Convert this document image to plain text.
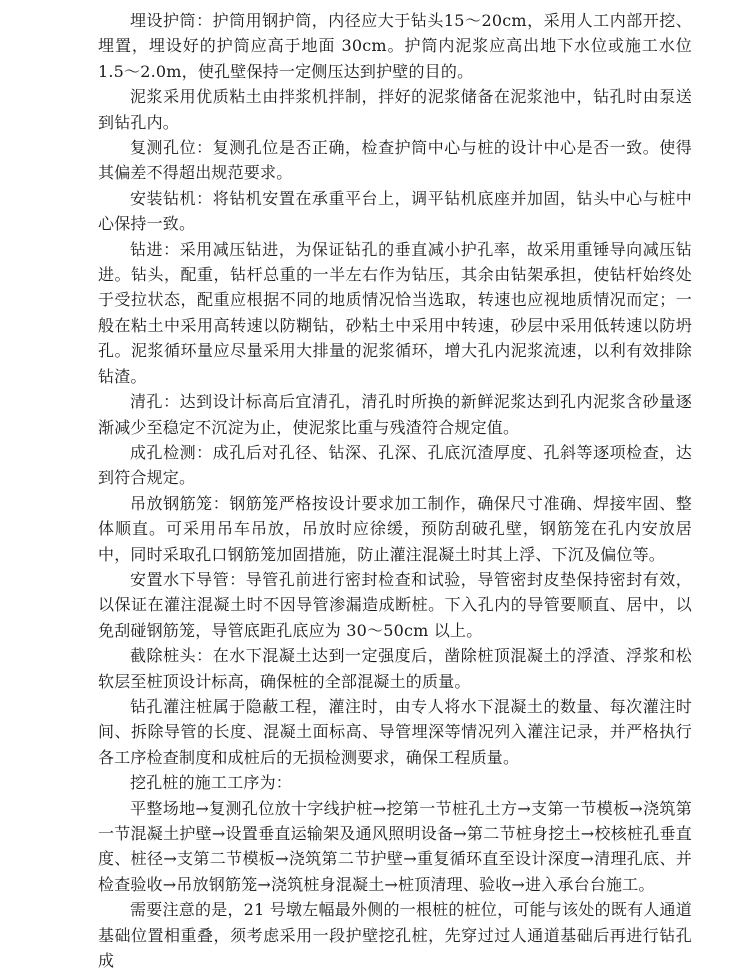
埋设护筒：护筒用钢护筒，内径应大于钻头15～20cm，采用人工内部开挖、埋置，埋设好的护筒应高于地面 30cm。护筒内泥浆应高出地下水位或施工水位 1.5～2.0m，使孔壁保持一定侧压达到护壁的目的。

泥浆采用优质粘土由拌浆机拌制，拌好的泥浆储备在泥浆池中，钻孔时由泵送到钻孔内。

复测孔位：复测孔位是否正确，检查护筒中心与桩的设计中心是否一致。使得其偏差不得超出规范要求。

安装钻机：将钻机安置在承重平台上，调平钻机底座并加固，钻头中心与桩中心保持一致。

钻进：采用减压钻进，为保证钻孔的垂直减小护孔率，故采用重锤导向减压钻进。钻头，配重，钻杆总重的一半左右作为钻压，其余由钻架承担，使钻杆始终处于受拉状态，配重应根据不同的地质情况恰当选取，转速也应视地质情况而定；一般在粘土中采用高转速以防糊钻，砂粘土中采用中转速，砂层中采用低转速以防坍孔。泥浆循环量应尽量采用大排量的泥浆循环，增大孔内泥浆流速，以利有效排除钻渣。

清孔：达到设计标高后宜清孔，清孔时所换的新鲜泥浆达到孔内泥浆含砂量逐渐减少至稳定不沉淀为止，使泥浆比重与残渣符合规定值。

成孔检测：成孔后对孔径、钻深、孔深、孔底沉渣厚度、孔斜等逐项检查，达到符合规定。

吊放钢筋笼：钢筋笼严格按设计要求加工制作，确保尺寸准确、焊接牢固、整体顺直。可采用吊车吊放，吊放时应徐缓，预防刮破孔壁，钢筋笼在孔内安放居中，同时采取孔口钢筋笼加固措施，防止灌注混凝土时其上浮、下沉及偏位等。

安置水下导管：导管孔前进行密封检查和试验，导管密封皮垫保持密封有效，以保证在灌注混凝土时不因导管渗漏造成断桩。下入孔内的导管要顺直、居中，以免刮碰钢筋笼，导管底距孔底应为 30～50cm 以上。

截除桩头：在水下混凝土达到一定强度后，凿除桩顶混凝土的浮渣、浮浆和松软层至桩顶设计标高，确保桩的全部混凝土的质量。

钻孔灌注桩属于隐蔽工程，灌注时，由专人将水下混凝土的数量、每次灌注时间、拆除导管的长度、混凝土面标高、导管埋深等情况列入灌注记录，并严格执行各工序检查制度和成桩后的无损检测要求，确保工程质量。

挖孔桩的施工工序为：

平整场地→复测孔位放十字线护桩→挖第一节桩孔土方→支第一节模板→浇筑第一节混凝土护壁→设置垂直运输架及通风照明设备→第二节桩身挖土→校核桩孔垂直度、桩径→支第二节模板→浇筑第二节护壁→重复循环直至设计深度→清理孔底、并检查验收→吊放钢筋笼→浇筑桩身混凝土→桩顶清理、验收→进入承台台施工。

需要注意的是，21 号墩左幅最外侧的一根桩的桩位，可能与该处的既有人通道基础位置相重叠，须考虑采用一段护壁挖孔桩，先穿过过人通道基础后再进行钻孔成
